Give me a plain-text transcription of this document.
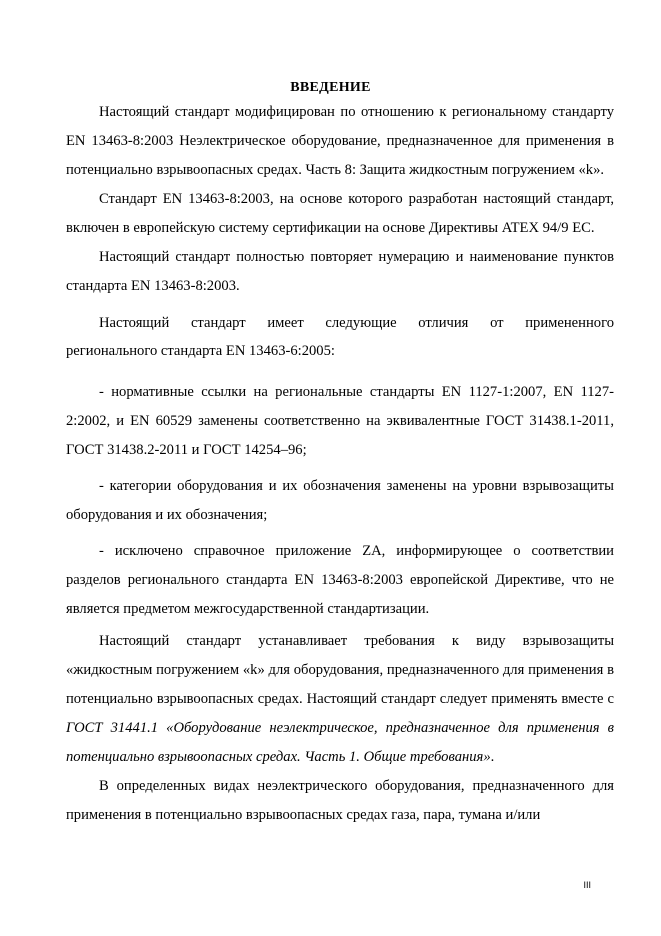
ВВЕДЕНИЕ

Настоящий стандарт модифицирован по отношению к региональному стандарту EN 13463-8:2003 Неэлектрическое оборудование, предназначенное для применения в потенциально взрывоопасных средах. Часть 8: Защита жидкостным погружением «k».

Стандарт EN 13463-8:2003, на основе которого разработан настоящий стандарт, включен в европейскую систему сертификации на основе Директивы ATEX 94/9 EC.

Настоящий стандарт полностью повторяет нумерацию и наименование пунктов стандарта EN 13463-8:2003.

Настоящий стандарт имеет следующие отличия от примененного

регионального стандарта EN 13463-6:2005:

- нормативные ссылки на региональные стандарты EN 1127-1:2007, EN 1127-2:2002, и EN 60529 заменены соответственно на эквивалентные ГОСТ 31438.1-2011, ГОСТ 31438.2-2011 и ГОСТ 14254–96;

- категории оборудования и их обозначения заменены на уровни взрывозащиты оборудования и их обозначения;

- исключено справочное приложение ZA, информирующее о соответствии разделов регионального стандарта EN 13463-8:2003 европейской Директиве, что не является предметом межгосударственной стандартизации.

Настоящий стандарт устанавливает требования к виду взрывозащиты «жидкостным погружением «k» для оборудования, предназначенного для применения в потенциально взрывоопасных средах. Настоящий стандарт следует применять вместе с ГОСТ 31441.1 «Оборудование неэлектрическое, предназначенное для применения в потенциально взрывоопасных средах. Часть 1. Общие требования».

В определенных видах неэлектрического оборудования, предназначенного для применения в потенциально взрывоопасных средах газа, пара, тумана и/или

III
